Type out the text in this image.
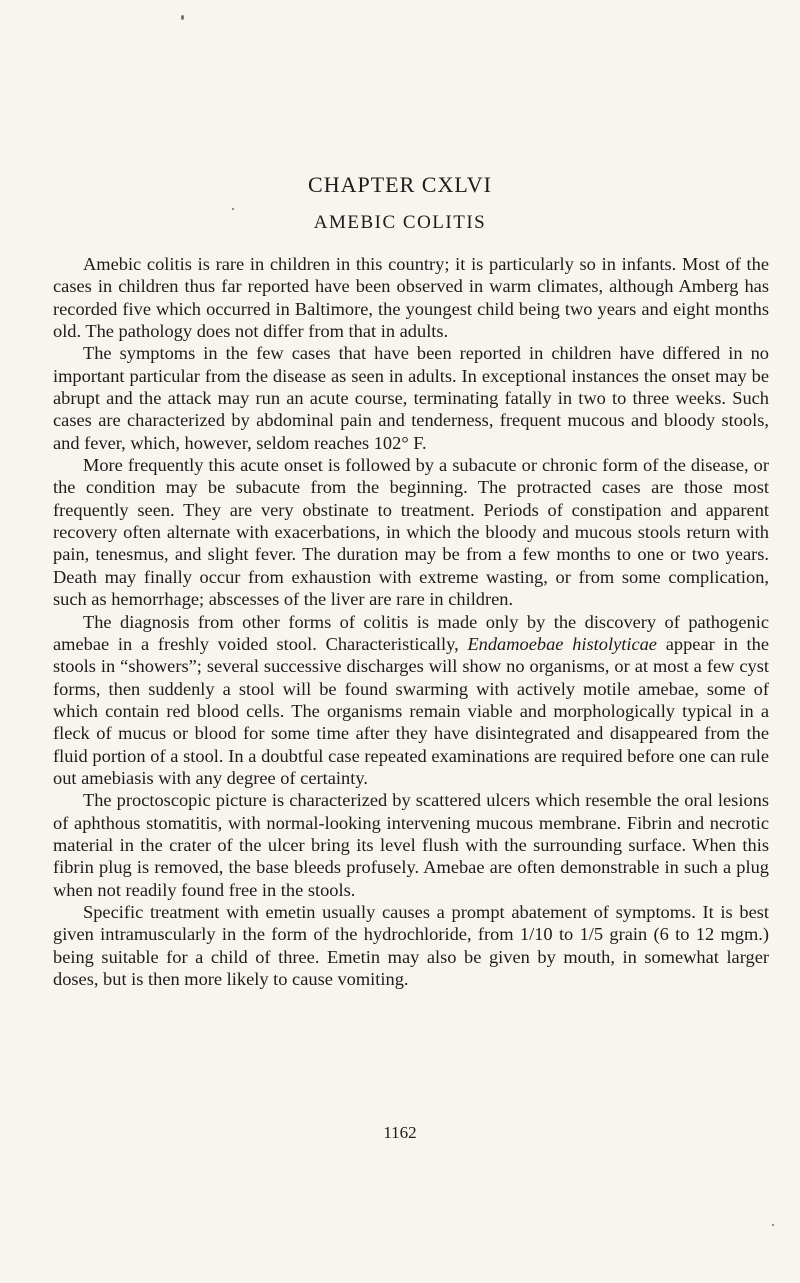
CHAPTER CXLVI
AMEBIC COLITIS

Amebic colitis is rare in children in this country; it is particularly so in infants. Most of the cases in children thus far reported have been observed in warm climates, although Amberg has recorded five which occurred in Baltimore, the youngest child being two years and eight months old. The pathology does not differ from that in adults.

The symptoms in the few cases that have been reported in children have differed in no important particular from the disease as seen in adults. In exceptional instances the onset may be abrupt and the attack may run an acute course, terminating fatally in two to three weeks. Such cases are characterized by abdominal pain and tenderness, frequent mucous and bloody stools, and fever, which, however, seldom reaches 102° F.

More frequently this acute onset is followed by a subacute or chronic form of the disease, or the condition may be subacute from the beginning. The protracted cases are those most frequently seen. They are very obstinate to treatment. Periods of constipation and apparent recovery often alternate with exacerbations, in which the bloody and mucous stools return with pain, tenesmus, and slight fever. The duration may be from a few months to one or two years. Death may finally occur from exhaustion with extreme wasting, or from some complication, such as hemorrhage; abscesses of the liver are rare in children.

The diagnosis from other forms of colitis is made only by the discovery of pathogenic amebae in a freshly voided stool. Characteristically, Endamoebae histolyticae appear in the stools in “showers”; several successive discharges will show no organisms, or at most a few cyst forms, then suddenly a stool will be found swarming with actively motile amebae, some of which contain red blood cells. The organisms remain viable and morphologically typical in a fleck of mucus or blood for some time after they have disintegrated and disappeared from the fluid portion of a stool. In a doubtful case repeated examinations are required before one can rule out amebiasis with any degree of certainty.

The proctoscopic picture is characterized by scattered ulcers which resemble the oral lesions of aphthous stomatitis, with normal-looking intervening mucous membrane. Fibrin and necrotic material in the crater of the ulcer bring its level flush with the surrounding surface. When this fibrin plug is removed, the base bleeds profusely. Amebae are often demonstrable in such a plug when not readily found free in the stools.

Specific treatment with emetin usually causes a prompt abatement of symptoms. It is best given intramuscularly in the form of the hydrochloride, from 1/10 to 1/5 grain (6 to 12 mgm.) being suitable for a child of three. Emetin may also be given by mouth, in somewhat larger doses, but is then more likely to cause vomiting.

1162
